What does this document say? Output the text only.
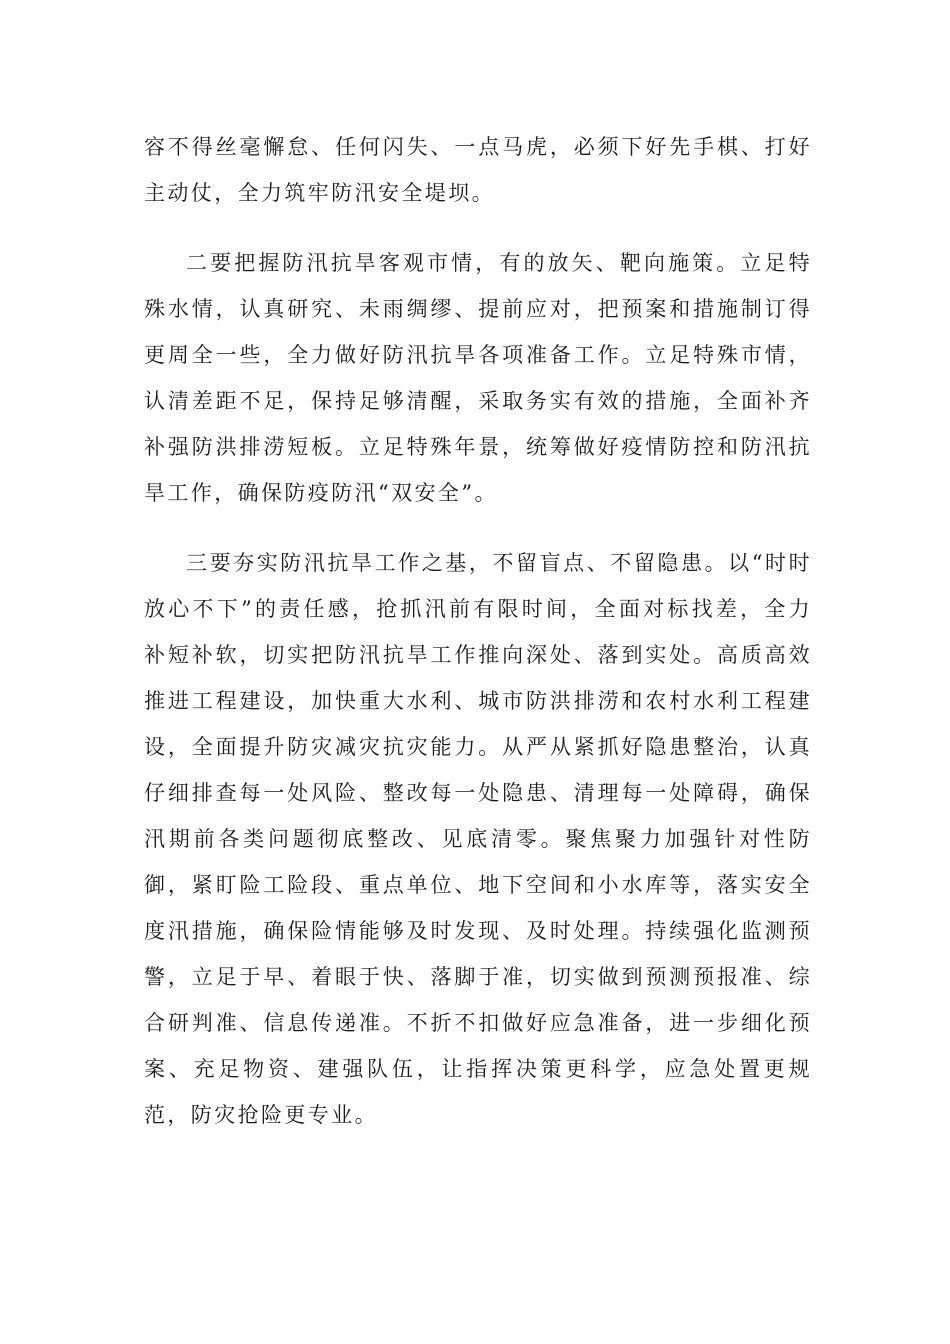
容不得丝毫懈怠、任何闪失、一点马虎，必须下好先手棋、打好主动仗，全力筑牢防汛安全堤坝。

二要把握防汛抗旱客观市情，有的放矢、靶向施策。立足特殊水情，认真研究、未雨绸缪、提前应对，把预案和措施制订得更周全一些，全力做好防汛抗旱各项准备工作。立足特殊市情，认清差距不足，保持足够清醒，采取务实有效的措施，全面补齐补强防洪排涝短板。立足特殊年景，统筹做好疫情防控和防汛抗旱工作，确保防疫防汛“双安全”。

三要夯实防汛抗旱工作之基，不留盲点、不留隐患。以“时时放心不下”的责任感，抢抓汛前有限时间，全面对标找差，全力补短补软，切实把防汛抗旱工作推向深处、落到实处。高质高效推进工程建设，加快重大水利、城市防洪排涝和农村水利工程建设，全面提升防灾减灾抗灾能力。从严从紧抓好隐患整治，认真仔细排查每一处风险、整改每一处隐患、清理每一处障碍，确保汛期前各类问题彻底整改、见底清零。聚焦聚力加强针对性防御，紧盯险工险段、重点单位、地下空间和小水库等，落实安全度汛措施，确保险情能够及时发现、及时处理。持续强化监测预警，立足于早、着眼于快、落脚于准，切实做到预测预报准、综合研判准、信息传递准。不折不扣做好应急准备，进一步细化预案、充足物资、建强队伍，让指挥决策更科学，应急处置更规范，防灾抢险更专业。
